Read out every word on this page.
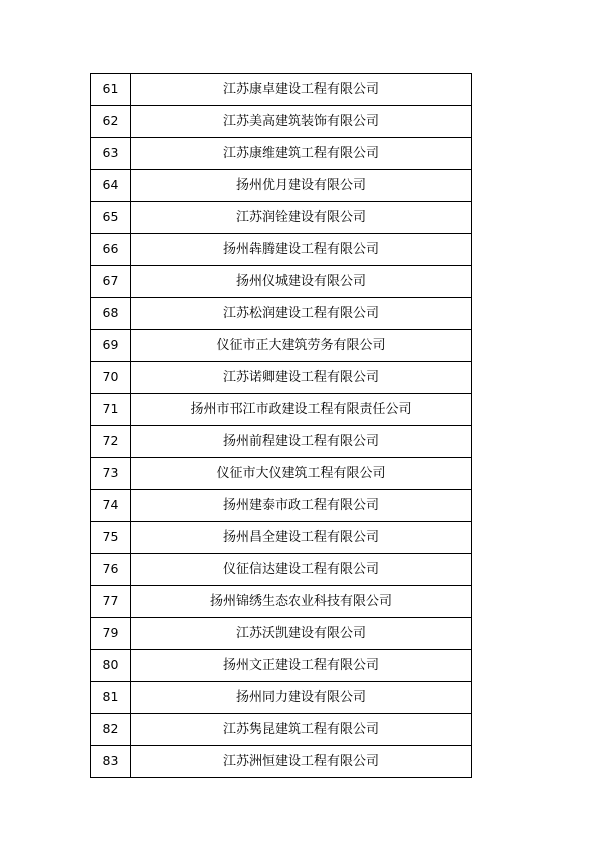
61	江苏康卓建设工程有限公司
62	江苏美高建筑装饰有限公司
63	江苏康维建筑工程有限公司
64	扬州优月建设有限公司
65	江苏润铨建设有限公司
66	扬州犇腾建设工程有限公司
67	扬州仪城建设有限公司
68	江苏松润建设工程有限公司
69	仪征市正大建筑劳务有限公司
70	江苏诺卿建设工程有限公司
71	扬州市邗江市政建设工程有限责任公司
72	扬州前程建设工程有限公司
73	仪征市大仪建筑工程有限公司
74	扬州建泰市政工程有限公司
75	扬州昌全建设工程有限公司
76	仪征信达建设工程有限公司
77	扬州锦绣生态农业科技有限公司
79	江苏沃凯建设有限公司
80	扬州文正建设工程有限公司
81	扬州同力建设有限公司
82	江苏隽昆建筑工程有限公司
83	江苏洲恒建设工程有限公司
